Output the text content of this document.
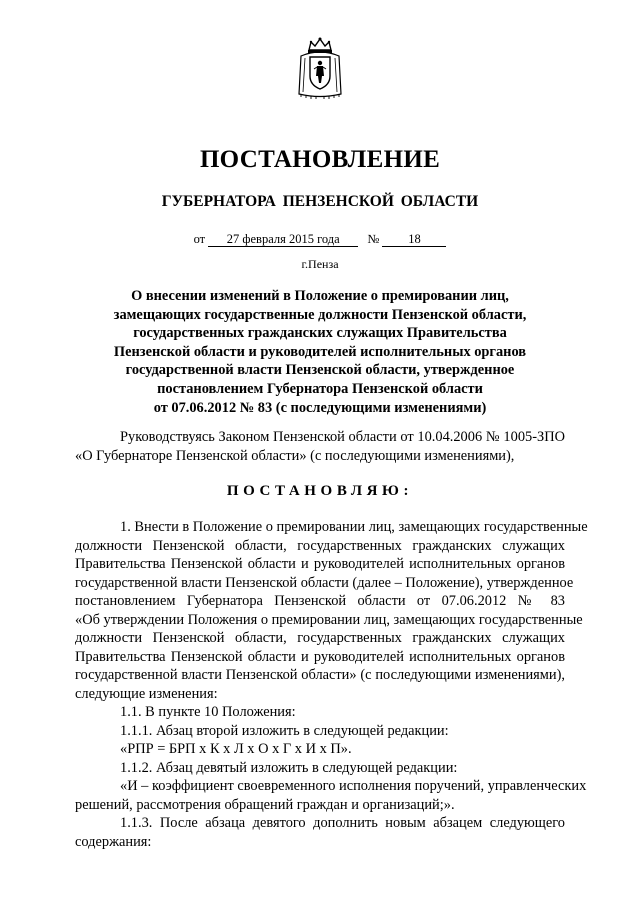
ПОСТАНОВЛЕНИЕ
ГУБЕРНАТОРА ПЕНЗЕНСКОЙ ОБЛАСТИ
от 27 февраля 2015 года № 18
г.Пенза
О внесении изменений в Положение о премировании лиц,
замещающих государственные должности Пензенской области,
государственных гражданских служащих Правительства
Пензенской области и руководителей исполнительных органов
государственной власти Пензенской области, утвержденное
постановлением Губернатора Пензенской области
от 07.06.2012 № 83 (с последующими изменениями)
Руководствуясь Законом Пензенской области от 10.04.2006 № 1005-ЗПО
«О Губернаторе Пензенской области» (с последующими изменениями),
ПОСТАНОВЛЯЮ:
1. Внести в Положение о премировании лиц, замещающих государственные
должности Пензенской области, государственных гражданских служащих
Правительства Пензенской области и руководителей исполнительных органов
государственной власти Пензенской области (далее – Положение), утвержденное
постановлением Губернатора Пензенской области от 07.06.2012 № 83
«Об утверждении Положения о премировании лиц, замещающих государственные
должности Пензенской области, государственных гражданских служащих
Правительства Пензенской области и руководителей исполнительных органов
государственной власти Пензенской области» (с последующими изменениями),
следующие изменения:
1.1. В пункте 10 Положения:
1.1.1. Абзац второй изложить в следующей редакции:
«РПР = БРП х К х Л х О х Г х И х П».
1.1.2. Абзац девятый изложить в следующей редакции:
«И – коэффициент своевременного исполнения поручений, управленческих
решений, рассмотрения обращений граждан и организаций;».
1.1.3. После абзаца девятого дополнить новым абзацем следующего
содержания:
